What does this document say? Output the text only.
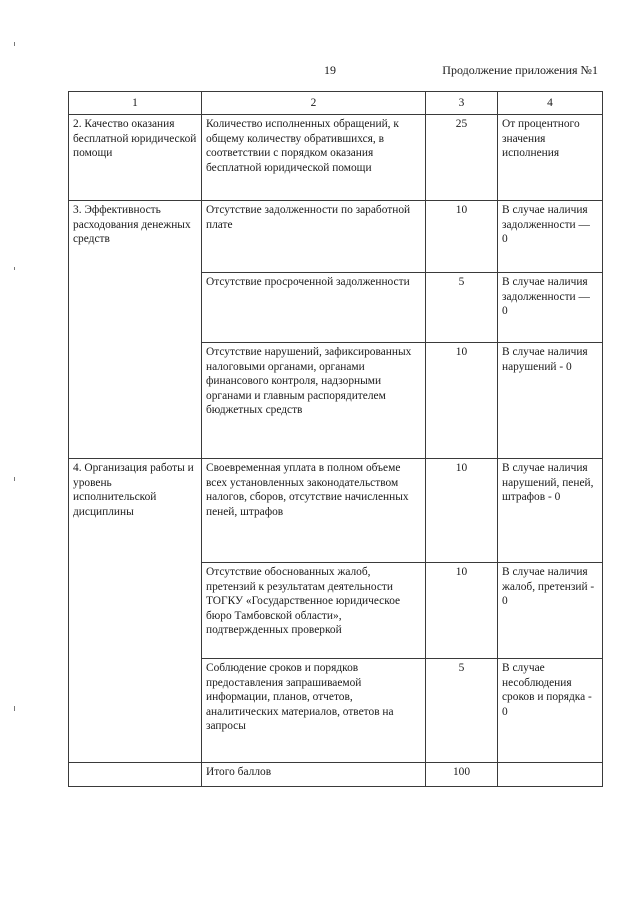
19	Продолжение приложения №1
1	2	3	4
2. Качество оказания бесплатной юридической помощи	Количество исполненных обращений, к общему количеству обратившихся, в соответствии с порядком оказания бесплатной юридической помощи	25	От процентного значения исполнения
3. Эффективность расходования денежных средств	Отсутствие задолженности по заработной плате	10	В случае наличия задолженности — 0
	Отсутствие просроченной задолженности	5	В случае наличия задолженности — 0
	Отсутствие нарушений, зафиксированных налоговыми органами, органами финансового контроля, надзорными органами и главным распорядителем бюджетных средств	10	В случае наличия нарушений - 0
4. Организация работы и уровень исполнительской дисциплины	Своевременная уплата в полном объеме всех установленных законодательством налогов, сборов, отсутствие начисленных пеней, штрафов	10	В случае наличия нарушений, пеней, штрафов - 0
	Отсутствие обоснованных жалоб, претензий к результатам деятельности ТОГКУ «Государственное юридическое бюро Тамбовской области», подтвержденных проверкой	10	В случае наличия жалоб, претензий - 0
	Соблюдение сроков и порядков предоставления запрашиваемой информации, планов, отчетов, аналитических материалов, ответов на запросы	5	В случае несоблюдения сроков и порядка - 0
	Итого баллов	100	
